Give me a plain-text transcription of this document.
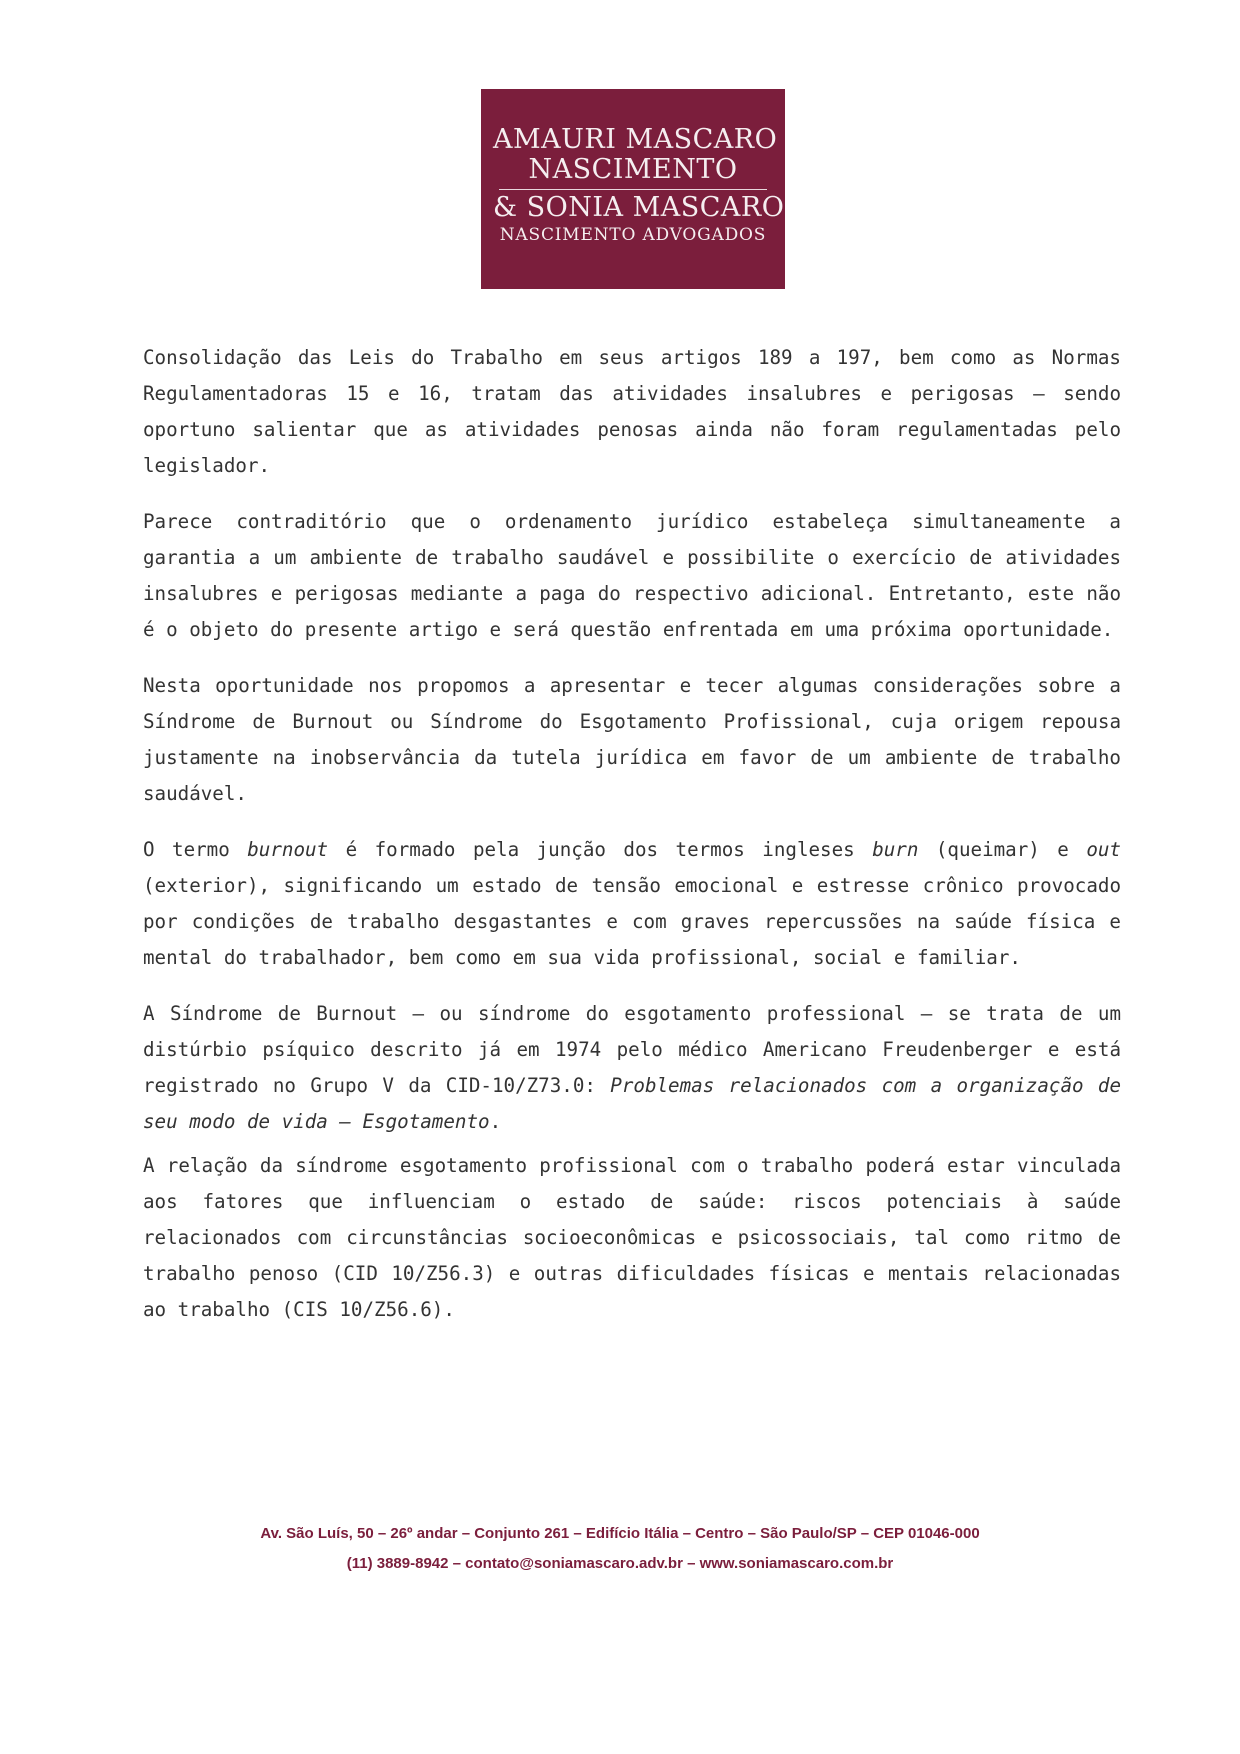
AMAURI MASCARO
NASCIMENTO
& SONIA MASCARO
NASCIMENTO ADVOGADOS

Consolidação das Leis do Trabalho em seus artigos 189 a 197, bem como as Normas Regulamentadoras 15 e 16, tratam das atividades insalubres e perigosas – sendo oportuno salientar que as atividades penosas ainda não foram regulamentadas pelo legislador.

Parece contraditório que o ordenamento jurídico estabeleça simultaneamente a garantia a um ambiente de trabalho saudável e possibilite o exercício de atividades insalubres e perigosas mediante a paga do respectivo adicional. Entretanto, este não é o objeto do presente artigo e será questão enfrentada em uma próxima oportunidade.

Nesta oportunidade nos propomos a apresentar e tecer algumas considerações sobre a Síndrome de Burnout ou Síndrome do Esgotamento Profissional, cuja origem repousa justamente na inobservância da tutela jurídica em favor de um ambiente de trabalho saudável.

O termo burnout é formado pela junção dos termos ingleses burn (queimar) e out (exterior), significando um estado de tensão emocional e estresse crônico provocado por condições de trabalho desgastantes e com graves repercussões na saúde física e mental do trabalhador, bem como em sua vida profissional, social e familiar.

A Síndrome de Burnout – ou síndrome do esgotamento professional – se trata de um distúrbio psíquico descrito já em 1974 pelo médico Americano Freudenberger e está registrado no Grupo V da CID-10/Z73.0: Problemas relacionados com a organização de seu modo de vida – Esgotamento.

A relação da síndrome esgotamento profissional com o trabalho poderá estar vinculada aos fatores que influenciam o estado de saúde: riscos potenciais à saúde relacionados com circunstâncias socioeconômicas e psicossociais, tal como ritmo de trabalho penoso (CID 10/Z56.3) e outras dificuldades físicas e mentais relacionadas ao trabalho (CIS 10/Z56.6).

Av. São Luís, 50 – 26º andar – Conjunto 261 – Edifício Itália – Centro – São Paulo/SP – CEP 01046-000
(11) 3889-8942 – contato@soniamascaro.adv.br – www.soniamascaro.com.br
